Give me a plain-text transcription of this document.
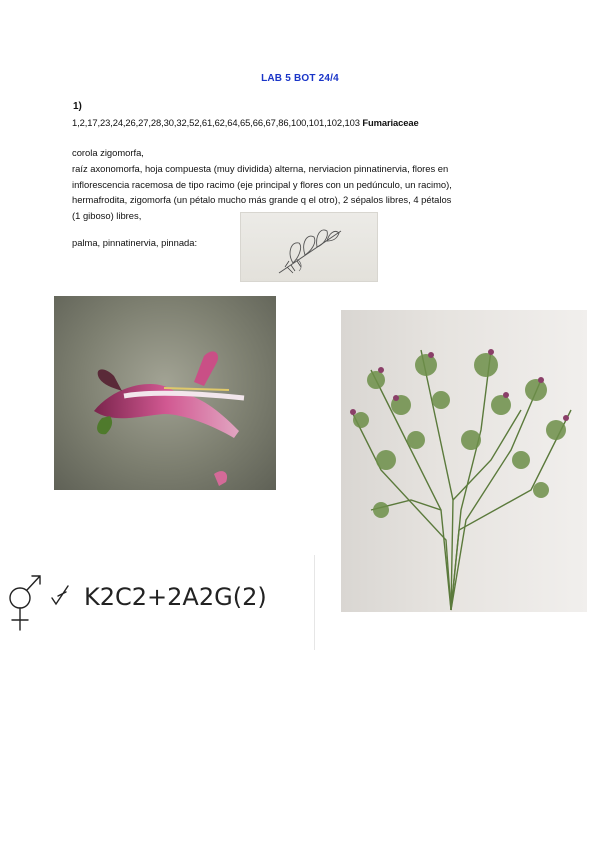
LAB 5 BOT 24/4
1)
1,2,17,23,24,26,27,28,30,32,52,61,62,64,65,66,67,86,100,101,102,103 Fumariaceae
corola zigomorfa,
raíz axonomorfa, hoja compuesta (muy dividida) alterna, nerviacion pinnatinervia, flores en
inflorescencia racemosa de tipo racimo (eje principal y flores con un pedúnculo, un racimo),
hermafrodita, zigomorfa (un pétalo mucho más grande q el otro), 2 sépalos libres, 4 pétalos
(1 giboso) libres,
palma, pinnatinervia, pinnada:
K2C2+2A2G(2)
